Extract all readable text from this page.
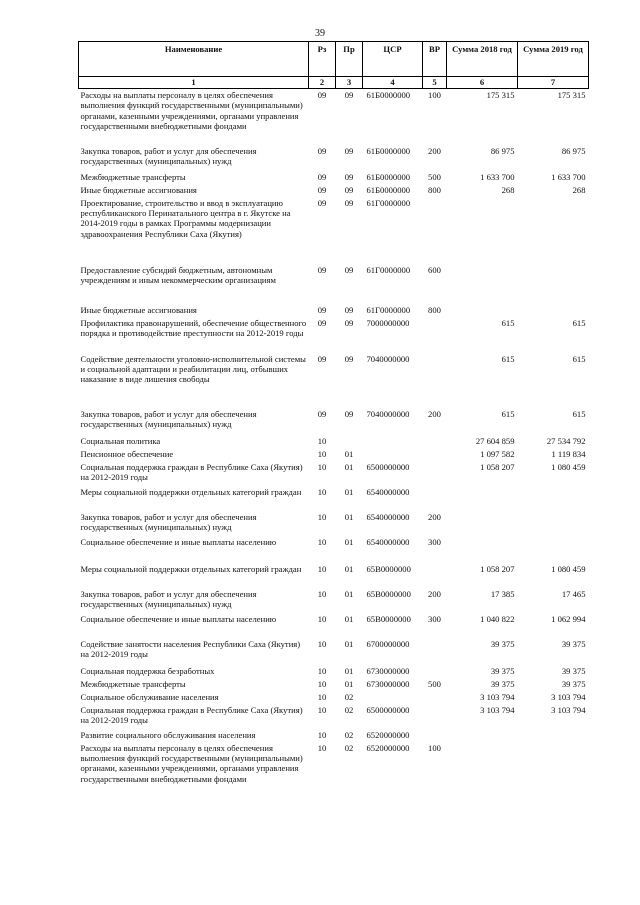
39
Наименование	Рз	Пр	ЦСР	ВР	Сумма 2018 год	Сумма 2019 год
1	2	3	4	5	6	7
Расходы на выплаты персоналу в целях обеспечения выполнения функций государственными (муниципальными) органами, казенными учреждениями, органами управления государственными внебюджетными фондами	09	09	61Б0000000	100	175 315	175 315
Закупка товаров, работ и услуг для обеспечения государственных (муниципальных) нужд	09	09	61Б0000000	200	86 975	86 975
Межбюджетные трансферты	09	09	61Б0000000	500	1 633 700	1 633 700
Иные бюджетные ассигнования	09	09	61Б0000000	800	268	268
Проектирование, строительство и ввод в эксплуатацию республиканского Перинатального центра в г. Якутске на 2014-2019 годы в рамках Программы модернизации здравоохранения Республики Саха (Якутия)	09	09	61Г0000000			
Предоставление субсидий бюджетным, автономным учреждениям и иным некоммерческим организациям	09	09	61Г0000000	600		
Иные бюджетные ассигнования	09	09	61Г0000000	800		
Профилактика правонарушений, обеспечение общественного порядка и противодействие преступности на 2012-2019 годы	09	09	7000000000		615	615
Содействие деятельности уголовно-исполнительной системы и социальной адаптации и реабилитации лиц, отбывших наказание в виде лишения свободы	09	09	7040000000		615	615
Закупка товаров, работ и услуг для обеспечения государственных (муниципальных) нужд	09	09	7040000000	200	615	615
Социальная политика	10				27 604 859	27 534 792
Пенсионное обеспечение	10	01			1 097 582	1 119 834
Социальная поддержка граждан в Республике Саха (Якутия) на 2012-2019 годы	10	01	6500000000		1 058 207	1 080 459
Меры социальной поддержки отдельных категорий граждан	10	01	6540000000			
Закупка товаров, работ и услуг для обеспечения государственных (муниципальных) нужд	10	01	6540000000	200		
Социальное обеспечение и иные выплаты населению	10	01	6540000000	300		
Меры социальной поддержки отдельных категорий граждан	10	01	65В0000000		1 058 207	1 080 459
Закупка товаров, работ и услуг для обеспечения государственных (муниципальных) нужд	10	01	65В0000000	200	17 385	17 465
Социальное обеспечение и иные выплаты населению	10	01	65В0000000	300	1 040 822	1 062 994
Содействие занятости населения Республики Саха (Якутия) на 2012-2019 годы	10	01	6700000000		39 375	39 375
Социальная поддержка безработных	10	01	6730000000		39 375	39 375
Межбюджетные трансферты	10	01	6730000000	500	39 375	39 375
Социальное обслуживание населения	10	02			3 103 794	3 103 794
Социальная поддержка граждан в Республике Саха (Якутия) на 2012-2019 годы	10	02	6500000000		3 103 794	3 103 794
Развитие социального обслуживания населения	10	02	6520000000			
Расходы на выплаты персоналу в целях обеспечения выполнения функций государственными (муниципальными) органами, казенными учреждениями, органами управления государственными внебюджетными фондами	10	02	6520000000	100		
